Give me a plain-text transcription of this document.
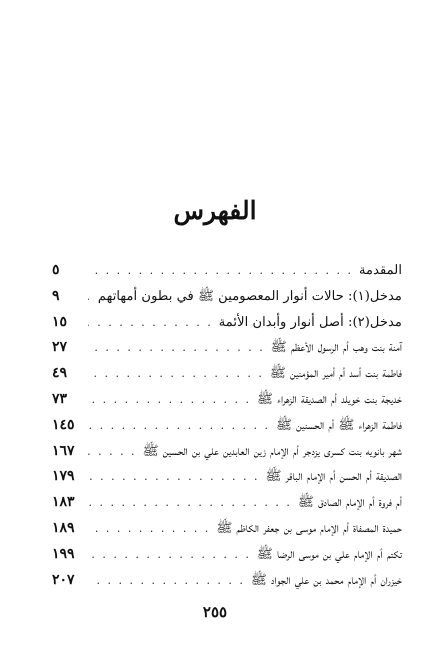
الفهرس
المقدمة
. . .
٥
مدخل(١): حالات أنوار المعصومين ﷺ في بطون أمهاتهم
. . .
٩
مدخل(٢): أصل أنوار وأبدان الأئمة
. . .
١٥
آمنة بنت وهب أم الرسول الأعظم ﷺ
. . .
٢٧
فاطمة بنت أسد أم أمير المؤمنين ﷺ
. . .
٤٩
خديجة بنت خويلد أم الصديقة الزهراء ﷺ
. . .
٧٣
فاطمة الزهراء ﷺ أم الحسنين ﷺ
. . .
١٤٥
شهر بانويه بنت كسرى يزدجر أم الإمام زين العابدين علي بن الحسين ﷺ
. . .
١٦٧
الصديقة أم الحسن أم الإمام الباقر ﷺ
. . .
١٧٩
أم فروة أم الإمام الصادق ﷺ
. . .
١٨٣
حميدة المصفاة أم الإمام موسى بن جعفر الكاظم ﷺ
. . .
١٨٩
تكتم أم الإمام علي بن موسى الرضا ﷺ
. . .
١٩٩
خيزران أم الإمام محمد بن علي الجواد ﷺ
. . .
٢٠٧
٢٥٥
